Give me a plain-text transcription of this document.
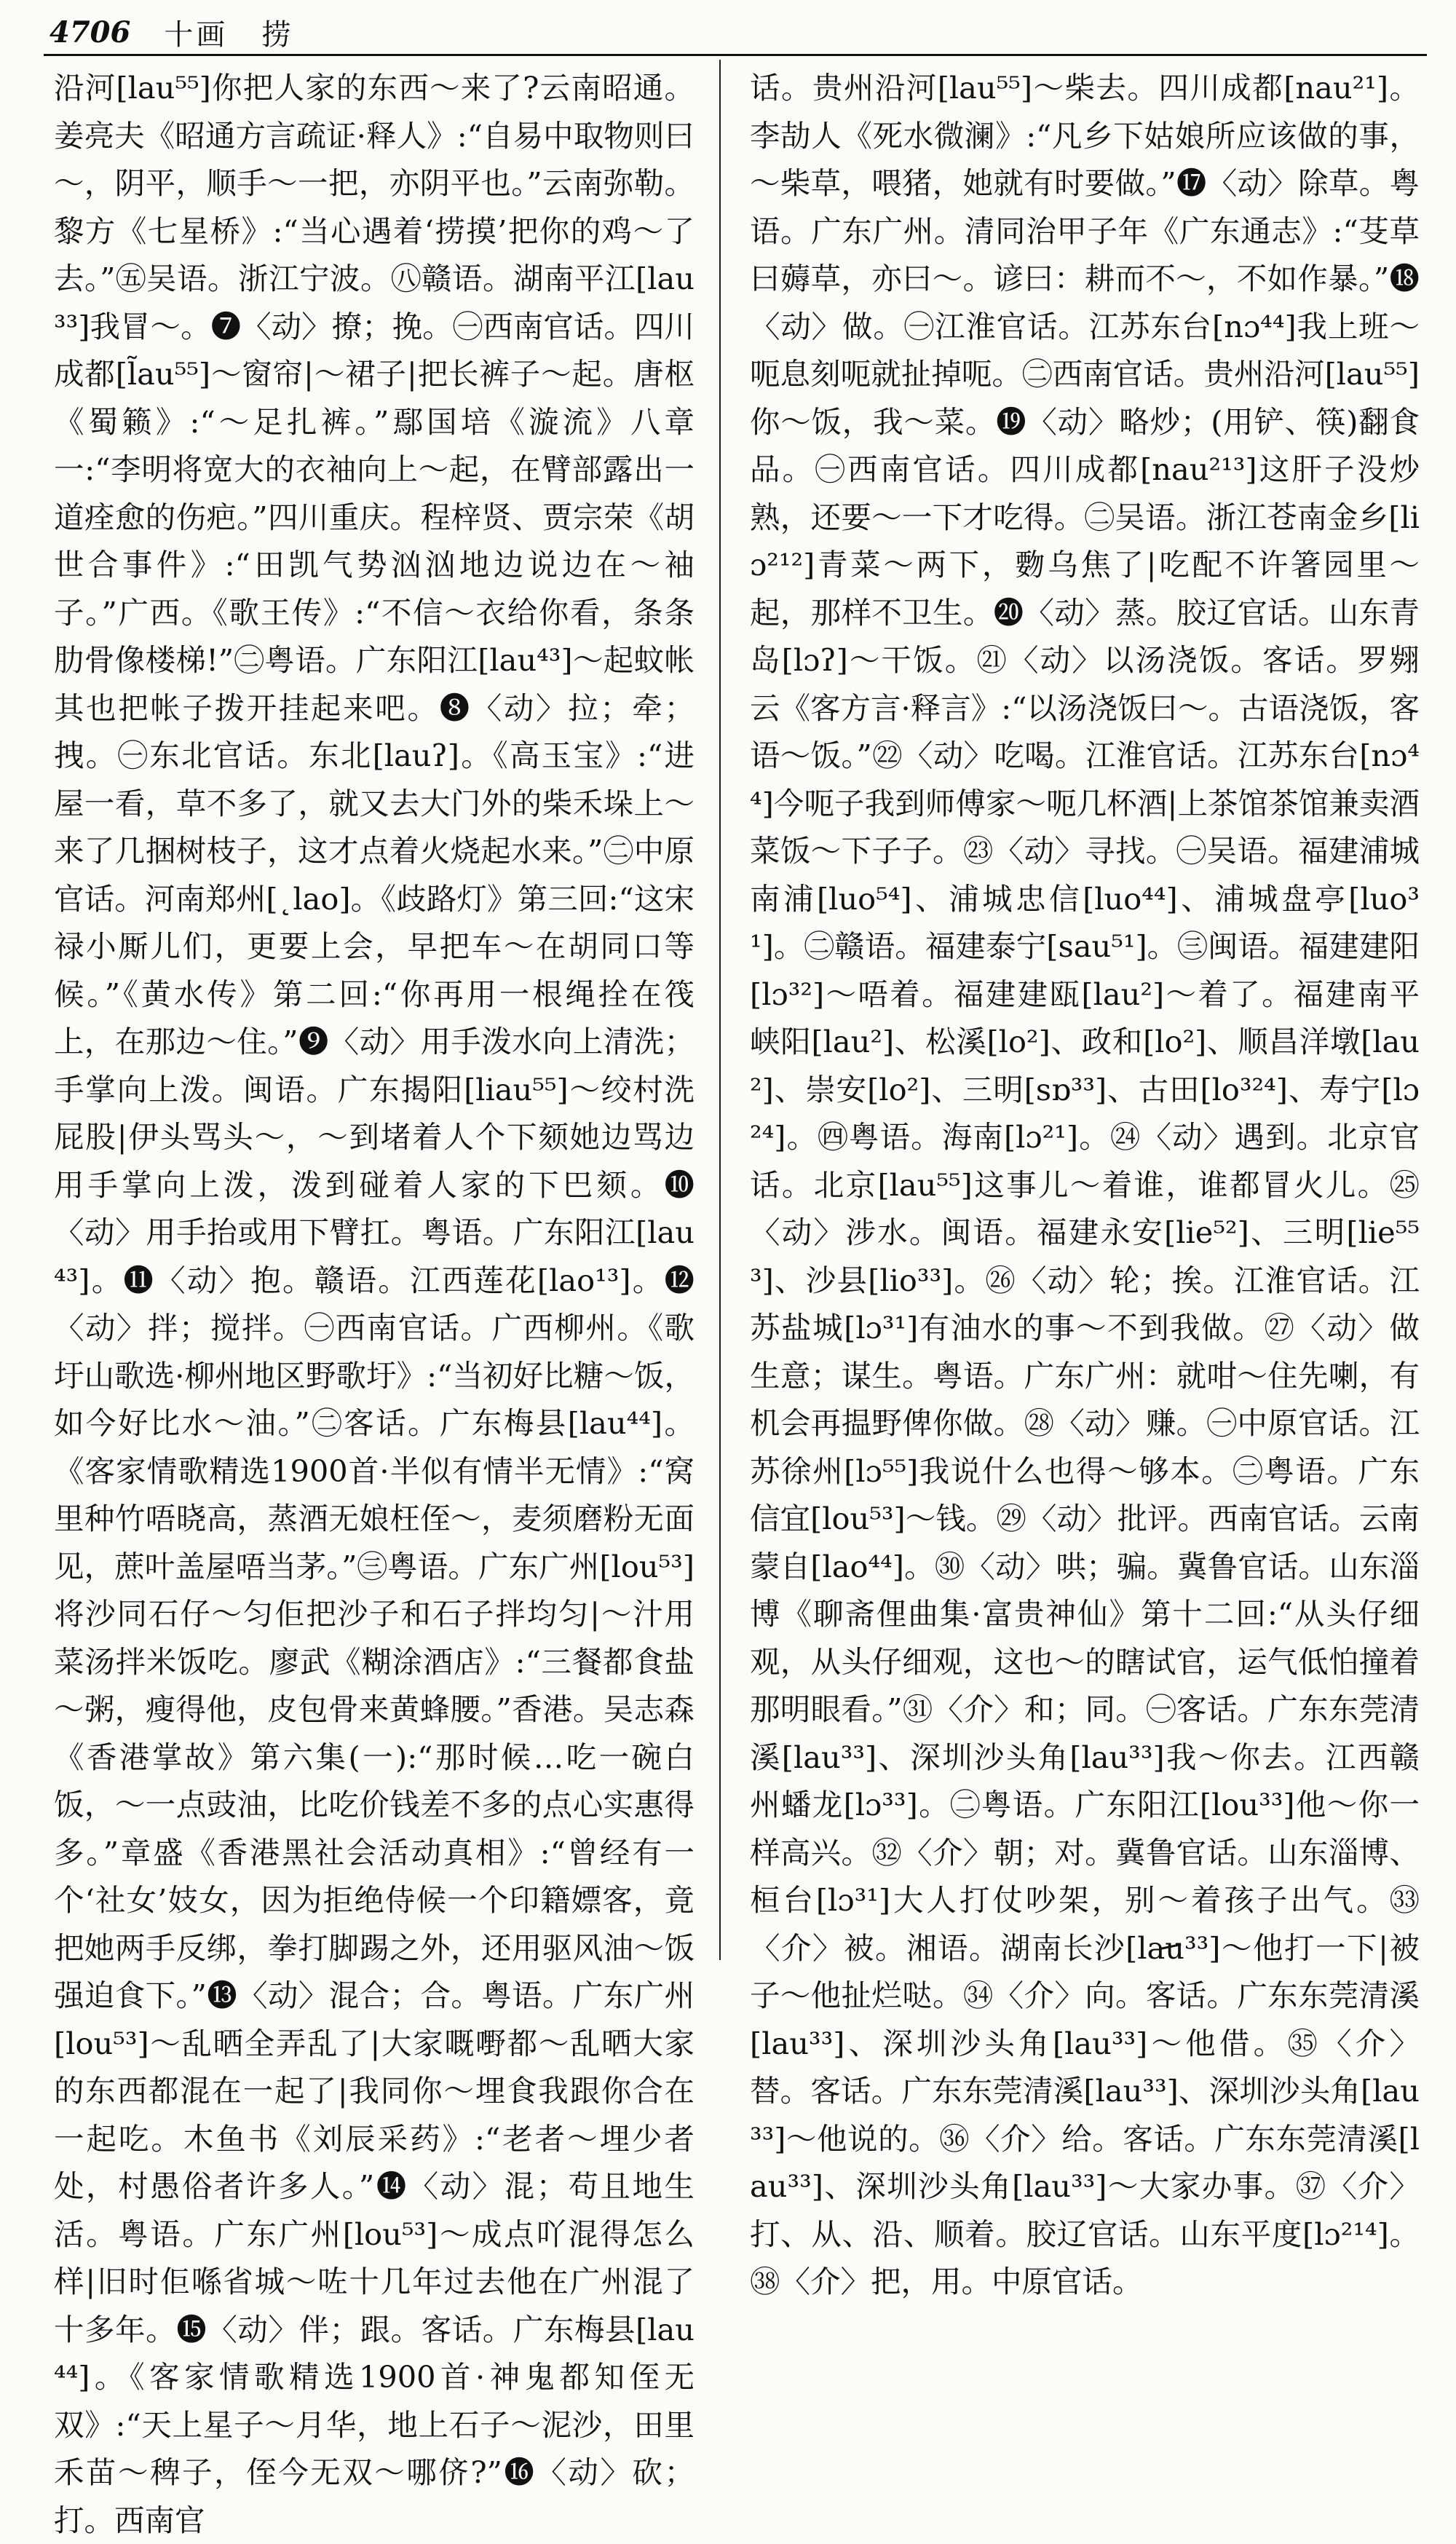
4706 十画 捞

沿河[lau⁵⁵]你把人家的东西～来了?云南昭通。姜亮夫《昭通方言疏证·释人》:“自易中取物则曰～，阴平，顺手～一把，亦阴平也。”云南弥勒。黎方《七星桥》:“当心遇着‘捞摸’把你的鸡～了去。”㊄吴语。浙江宁波。㊇赣语。湖南平江[lau³³]我冒～。❼〈动〉撩；挽。㊀西南官话。四川成都[l̃au⁵⁵]～窗帘|～裙子|把长裤子～起。唐枢《蜀籁》:“～足扎裤。”鄢国培《漩流》八章一:“李明将宽大的衣袖向上～起，在臂部露出一道痊愈的伤疤。”四川重庆。程梓贤、贾宗荣《胡世合事件》:“田凯气势汹汹地边说边在～袖子。”广西。《歌王传》:“不信～衣给你看，条条肋骨像楼梯!”㊁粤语。广东阳江[lau⁴³]～起蚊帐其也把帐子拨开挂起来吧。❽〈动〉拉；牵；拽。㊀东北官话。东北[lauʔ]。《高玉宝》:“进屋一看，草不多了，就又去大门外的柴禾垛上～来了几捆树枝子，这才点着火烧起水来。”㊁中原官话。河南郑州[˛lao]。《歧路灯》第三回:“这宋禄小厮儿们，更要上会，早把车～在胡同口等候。”《黄水传》第二回:“你再用一根绳拴在筏上，在那边～住。”❾〈动〉用手泼水向上清洗；手掌向上泼。闽语。广东揭阳[liau⁵⁵]～绞村洗屁股|伊头骂头～，～到堵着人个下颏她边骂边用手掌向上泼，泼到碰着人家的下巴颏。❿〈动〉用手抬或用下臂扛。粤语。广东阳江[lau⁴³]。⓫〈动〉抱。赣语。江西莲花[lao¹³]。⓬〈动〉拌；搅拌。㊀西南官话。广西柳州。《歌圩山歌选·柳州地区野歌圩》:“当初好比糖～饭，如今好比水～油。”㊁客话。广东梅县[lau⁴⁴]。《客家情歌精选1900首·半似有情半无情》:“窝里种竹唔晓高，蒸酒无娘枉侄～，麦须磨粉无面见，蔗叶盖屋唔当茅。”㊂粤语。广东广州[lou⁵³]将沙同石仔～匀佢把沙子和石子拌均匀|～汁用菜汤拌米饭吃。廖武《糊涂酒店》:“三餐都食盐～粥，瘦得他，皮包骨来黄蜂腰。”香港。吴志森《香港掌故》第六集(一):“那时候…吃一碗白饭，～一点豉油，比吃价钱差不多的点心实惠得多。”章盛《香港黑社会活动真相》:“曾经有一个‘社女’妓女，因为拒绝侍候一个印籍嫖客，竟把她两手反绑，拳打脚踢之外，还用驱风油～饭强迫食下。”⓭〈动〉混合；合。粤语。广东广州[lou⁵³]～乱晒全弄乱了|大家嘅嘢都～乱晒大家的东西都混在一起了|我同你～埋食我跟你合在一起吃。木鱼书《刘辰采药》:“老者～埋少者处，村愚俗者许多人。”⓮〈动〉混；苟且地生活。粤语。广东广州[lou⁵³]～成点吖混得怎么样|旧时佢喺省城～咗十几年过去他在广州混了十多年。⓯〈动〉伴；跟。客话。广东梅县[lau⁴⁴]。《客家情歌精选1900首·神鬼都知侄无双》:“天上星子～月华，地上石子～泥沙，田里禾苗～稗子，侄今无双～哪侪?”⓰〈动〉砍；打。西南官

话。贵州沿河[lau⁵⁵]～柴去。四川成都[nau²¹]。李劼人《死水微澜》:“凡乡下姑娘所应该做的事，～柴草，喂猪，她就有时要做。”⓱〈动〉除草。粤语。广东广州。清同治甲子年《广东通志》:“芟草曰薅草，亦曰～。谚曰：耕而不～，不如作暴。”⓲〈动〉做。㊀江淮官话。江苏东台[nɔ⁴⁴]我上班～呃息刻呃就扯掉呃。㊁西南官话。贵州沿河[lau⁵⁵]你～饭，我～菜。⓳〈动〉略炒；(用铲、筷)翻食品。㊀西南官话。四川成都[nau²¹³]这肝子没炒熟，还要～一下才吃得。㊁吴语。浙江苍南金乡[liɔ²¹²]青菜～两下，覅乌焦了|吃配不许箸园里～起，那样不卫生。⓴〈动〉蒸。胶辽官话。山东青岛[lɔʔ]～干饭。㉑〈动〉以汤浇饭。客话。罗翙云《客方言·释言》:“以汤浇饭曰～。古语浇饭，客语～饭。”㉒〈动〉吃喝。江淮官话。江苏东台[nɔ⁴⁴]今呃子我到师傅家～呃几杯酒|上茶馆茶馆兼卖酒菜饭～下子子。㉓〈动〉寻找。㊀吴语。福建浦城南浦[luo⁵⁴]、浦城忠信[luo⁴⁴]、浦城盘亭[luo³¹]。㊁赣语。福建泰宁[sau⁵¹]。㊂闽语。福建建阳[lɔ³²]～唔着。福建建瓯[lau²]～着了。福建南平峡阳[lau²]、松溪[lo²]、政和[lo²]、顺昌洋墩[lau²]、崇安[lo²]、三明[sɒ³³]、古田[lo³²⁴]、寿宁[lɔ²⁴]。㊃粤语。海南[lɔ²¹]。㉔〈动〉遇到。北京官话。北京[lau⁵⁵]这事儿～着谁，谁都冒火儿。㉕〈动〉涉水。闽语。福建永安[lie⁵²]、三明[lie⁵⁵³]、沙县[lio³³]。㉖〈动〉轮；挨。江淮官话。江苏盐城[lɔ³¹]有油水的事～不到我做。㉗〈动〉做生意；谋生。粤语。广东广州：就咁～住先喇，有机会再揾野俾你做。㉘〈动〉赚。㊀中原官话。江苏徐州[lɔ⁵⁵]我说什么也得～够本。㊁粤语。广东信宜[lou⁵³]～钱。㉙〈动〉批评。西南官话。云南蒙自[lao⁴⁴]。㉚〈动〉哄；骗。冀鲁官话。山东淄博《聊斋俚曲集·富贵神仙》第十二回:“从头仔细观，从头仔细观，这也～的瞎试官，运气低怕撞着那明眼看。”㉛〈介〉和；同。㊀客话。广东东莞清溪[lau³³]、深圳沙头角[lau³³]我～你去。江西赣州蟠龙[lɔ³³]。㊁粤语。广东阳江[lou³³]他～你一样高兴。㉜〈介〉朝；对。冀鲁官话。山东淄博、桓台[lɔ³¹]大人打仗吵架，别～着孩子出气。㉝〈介〉被。湘语。湖南长沙[lau³³]～他打一下|被子～他扯烂哒。㉞〈介〉向。客话。广东东莞清溪[lau³³]、深圳沙头角[lau³³]～他借。㉟〈介〉替。客话。广东东莞清溪[lau³³]、深圳沙头角[lau³³]～他说的。㊱〈介〉给。客话。广东东莞清溪[lau³³]、深圳沙头角[lau³³]～大家办事。㊲〈介〉打、从、沿、顺着。胶辽官话。山东平度[lɔ²¹⁴]。㊳〈介〉把，用。中原官话。
